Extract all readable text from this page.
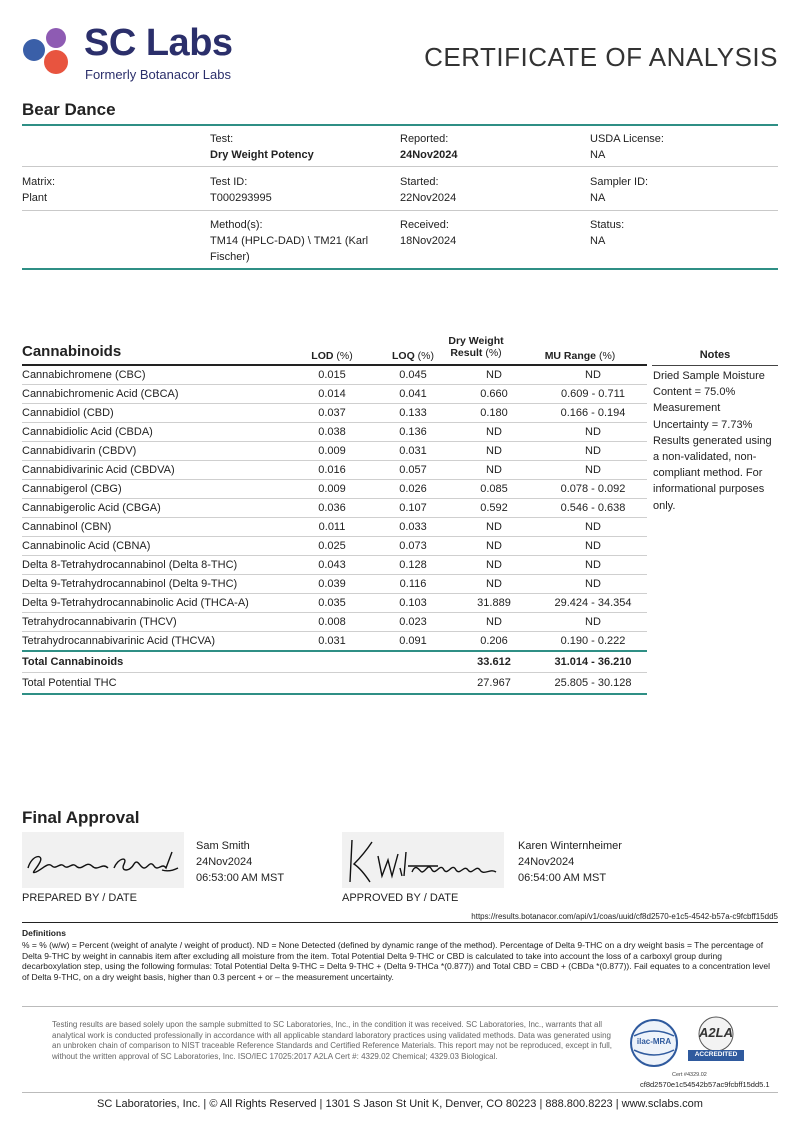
SC Labs
Formerly Botanacor Labs
CERTIFICATE OF ANALYSIS
Bear Dance
Test:
Dry Weight Potency
Reported:
24Nov2024
USDA License:
NA
Matrix:
Plant
Test ID:
T000293995
Started:
22Nov2024
Sampler ID:
NA
Method(s):
TM14 (HPLC-DAD) \ TM21 (Karl
Fischer)
Received:
18Nov2024
Status:
NA
Cannabinoids	LOD (%)	LOQ (%)
Dry Weight
Result (%)	MU Range (%)
Cannabichromene (CBC)	0.015	0.045	ND	ND
Cannabichromenic Acid (CBCA)	0.014	0.041	0.660	0.609 - 0.711
Cannabidiol (CBD)	0.037	0.133	0.180	0.166 - 0.194
Cannabidiolic Acid (CBDA)	0.038	0.136	ND	ND
Cannabidivarin (CBDV)	0.009	0.031	ND	ND
Cannabidivarinic Acid (CBDVA)	0.016	0.057	ND	ND
Cannabigerol (CBG)	0.009	0.026	0.085	0.078 - 0.092
Cannabigerolic Acid (CBGA)	0.036	0.107	0.592	0.546 - 0.638
Cannabinol (CBN)	0.011	0.033	ND	ND
Cannabinolic Acid (CBNA)	0.025	0.073	ND	ND
Delta 8-Tetrahydrocannabinol (Delta 8-THC)	0.043	0.128	ND	ND
Delta 9-Tetrahydrocannabinol (Delta 9-THC)	0.039	0.116	ND	ND
Delta 9-Tetrahydrocannabinolic Acid (THCA-A)	0.035	0.103	31.889	29.424 - 34.354
Tetrahydrocannabivarin (THCV)	0.008	0.023	ND	ND
Tetrahydrocannabivarinic Acid (THCVA)	0.031	0.091	0.206	0.190 - 0.222
Total Cannabinoids			33.612	31.014 - 36.210
Total Potential THC			27.967	25.805 - 30.128
Notes
Dried Sample Moisture Content = 75.0% Measurement Uncertainty = 7.73% Results generated using a non-validated, non-compliant method. For informational purposes only.
Final Approval
Sam Smith
24Nov2024
06:53:00 AM MST
PREPARED BY / DATE
Karen Winternheimer
24Nov2024
06:54:00 AM MST
APPROVED BY / DATE
https://results.botanacor.com/api/v1/coas/uuid/cf8d2570-e1c5-4542-b57a-c9fcbff15dd5
Definitions
% = % (w/w) = Percent (weight of analyte / weight of product). ND = None Detected (defined by dynamic range of the method). Percentage of Delta 9-THC on a dry weight basis = The percentage of Delta 9-THC by weight in cannabis item after excluding all moisture from the item. Total Potential Delta 9-THC or CBD is calculated to take into account the loss of a carboxyl group during decarboxylation step, using the following formulas: Total Potential Delta 9-THC = Delta 9-THC + (Delta 9-THCa *(0.877)) and Total CBD = CBD + (CBDa *(0.877)). Fail equates to a concentration level of Delta 9-THC, on a dry weight basis, higher than 0.3 percent + or – the measurement uncertainty.
Testing results are based solely upon the sample submitted to SC Laboratories, Inc., in the condition it was received. SC Laboratories, Inc., warrants that all analytical work is conducted professionally in accordance with all applicable standard laboratory practices using validated methods. Data was generated using an unbroken chain of comparison to NIST traceable Reference Standards and Certified Reference Materials. This report may not be reproduced, except in full, without the written approval of SC Laboratories, Inc. ISO/IEC 17025:2017 A2LA Cert #: 4329.02 Chemical; 4329.03 Biological.
ilac-MRA
A2LA
ACCREDITED
Cert #4329.02
cf8d2570e1c54542b57ac9fcbff15dd5.1
SC Laboratories, Inc. | © All Rights Reserved | 1301 S Jason St Unit K, Denver, CO 80223 | 888.800.8223 | www.sclabs.com
